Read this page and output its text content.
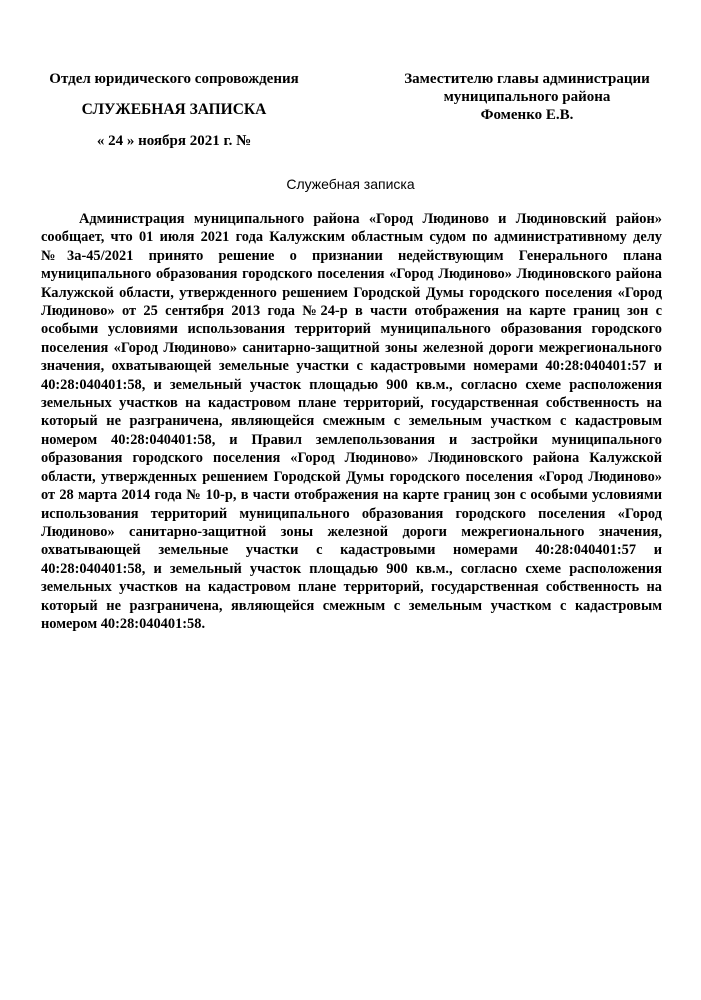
Отдел юридического сопровождения
СЛУЖЕБНАЯ ЗАПИСКА
« 24 » ноября 2021 г. №
Заместителю главы администрации
муниципального района
Фоменко Е.В.
Служебная записка

Администрация муниципального района «Город Людиново и Людиновский район» сообщает, что 01 июля 2021 года Калужским областным судом по административному делу №3а-45/2021 принято решение о признании недействующим Генерального плана муниципального образования городского поселения «Город Людиново» Людиновского района Калужской области, утвержденного решением Городской Думы городского поселения «Город Людиново» от 25 сентября 2013 года №24-р в части отображения на карте границ зон с особыми условиями использования территорий муниципального образования городского поселения «Город Людиново» санитарно-защитной зоны железной дороги межрегионального значения, охватывающей земельные участки с кадастровыми номерами 40:28:040401:57 и 40:28:040401:58, и земельный участок площадью 900 кв.м., согласно схеме расположения земельных участков на кадастровом плане территорий, государственная собственность на который не разграничена, являющейся смежным с земельным участком с кадастровым номером 40:28:040401:58, и Правил землепользования и застройки муниципального образования городского поселения «Город Людиново» Людиновского района Калужской области, утвержденных решением Городской Думы городского поселения «Город Людиново» от 28 марта 2014 года № 10-р, в части отображения на карте границ зон с особыми условиями использования территорий муниципального образования городского поселения «Город Людиново» санитарно-защитной зоны железной дороги межрегионального значения, охватывающей земельные участки с кадастровыми номерами 40:28:040401:57 и 40:28:040401:58, и земельный участок площадью 900 кв.м., согласно схеме расположения земельных участков на кадастровом плане территорий, государственная собственность на который не разграничена, являющейся смежным с земельным участком с кадастровым номером 40:28:040401:58.
